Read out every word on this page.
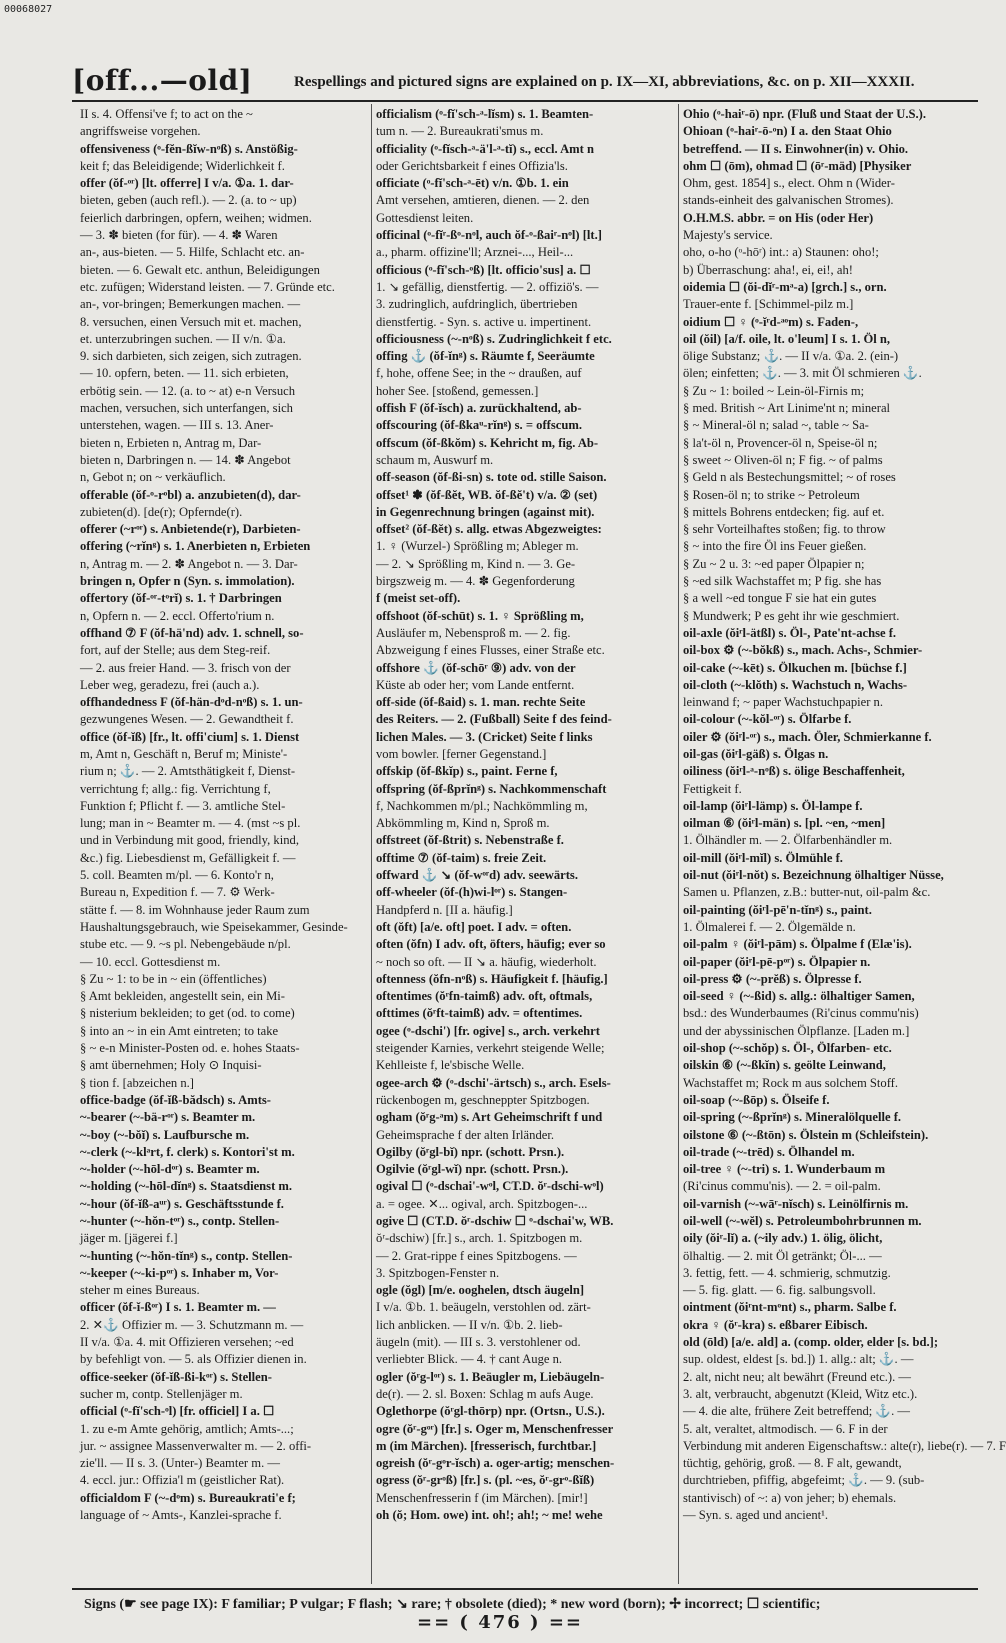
00068027
[off...—old]	Respellings and pictured signs are explained on p. IX—XI, abbreviations, &c. on p. XII—XXXII.
II s. 4. Offensi've f; to act on the ~
angriffsweise vorgehen.
offensiveness (ᵒ-fĕn-ßĭw-nᵒß) s. Anstößig-
keit f; das Beleidigende; Widerlichkeit f.
offer (ŏf-ᵒʳ) [lt. offerre] I v/a. ①a. 1. dar-
bieten, geben (auch refl.). — 2. (a. to ~ up)
feierlich darbringen, opfern, weihen; widmen.
— 3. ✽ bieten (for für). — 4. ✽ Waren
an-, aus-bieten. — 5. Hilfe, Schlacht etc. an-
bieten. — 6. Gewalt etc. anthun, Beleidigungen
etc. zufügen; Widerstand leisten. — 7. Gründe etc.
an-, vor-bringen; Bemerkungen machen. —
8. versuchen, einen Versuch mit et. machen,
et. unterzubringen suchen. — II v/n. ①a.
9. sich darbieten, sich zeigen, sich zutragen.
— 10. opfern, beten. — 11. sich erbieten,
erbötig sein. — 12. (a. to ~ at) e-n Versuch
machen, versuchen, sich unterfangen, sich
unterstehen, wagen. — III s. 13. Aner-
bieten n, Erbieten n, Antrag m, Dar-
bieten n, Darbringen n. — 14. ✽ Angebot
n, Gebot n; on ~ verkäuflich.
offerable (ŏf-ᵒ-rᵒbl) a. anzubieten(d), dar-
zubieten(d). [de(r); Opfernde(r).
offerer (~rᵒʳ) s. Anbietende(r), Darbieten-
offering (~rĭnᵍ) s. 1. Anerbieten n, Erbieten
n, Antrag m. — 2. ✽ Angebot n. — 3. Dar-
bringen n, Opfer n (Syn. s. immolation).
offertory (ŏf-ᵒʳ-tᵒrĭ) s. 1. † Darbringen
n, Opfern n. — 2. eccl. Offerto'rium n.
offhand ⑦ F (ŏf-hä'nd) adv. 1. schnell, so-
fort, auf der Stelle; aus dem Steg-reif.
— 2. aus freier Hand. — 3. frisch von der
Leber weg, geradezu, frei (auch a.).
offhandedness F (ŏf-hän-dᵒd-nᵒß) s. 1. un-
gezwungenes Wesen. — 2. Gewandtheit f.
office (ŏf-ĭß) [fr., lt. offi'cium] s. 1. Dienst
m, Amt n, Geschäft n, Beruf m; Ministe'-
rium n; ⚓. — 2. Amtsthätigkeit f, Dienst-
verrichtung f; allg.: fig. Verrichtung f,
Funktion f; Pflicht f. — 3. amtliche Stel-
lung; man in ~ Beamter m. — 4. (mst ~s pl.
und in Verbindung mit good, friendly, kind,
&c.) fig. Liebesdienst m, Gefälligkeit f. —
5. coll. Beamten m/pl. — 6. Konto'r n,
Bureau n, Expedition f. — 7. ⚙ Werk-
stätte f. — 8. im Wohnhause jeder Raum zum
Haushaltungsgebrauch, wie Speisekammer, Gesinde-
stube etc. — 9. ~s pl. Nebengebäude n/pl.
— 10. eccl. Gottesdienst m.
§ Zu ~ 1: to be in ~ ein (öffentliches)
§ Amt bekleiden, angestellt sein, ein Mi-
§ nisterium bekleiden; to get (od. to come)
§ into an ~ in ein Amt eintreten; to take
§ ~ e-n Minister-Posten od. e. hohes Staats-
§ amt übernehmen; Holy ⊙ Inquisi-
§ tion f. [abzeichen n.]
office-badge (ŏf-ĭß-bădsch) s. Amts-
~-bearer (~-bä-rᵒʳ) s. Beamter m.
~-boy (~-bŏĭ) s. Laufbursche m.
~-clerk (~-klᵃrt, f. clerk) s. Kontori'st m.
~-holder (~-hōl-dᵒʳ) s. Beamter m.
~-holding (~-hōl-dĭnᵍ) s. Staatsdienst m.
~-hour (ŏf-ĭß-aᵘʳ) s. Geschäftsstunde f.
~-hunter (~-hŏn-tᵒʳ) s., contp. Stellen-
jäger m. [jägerei f.]
~-hunting (~-hŏn-tĭnᵍ) s., contp. Stellen-
~-keeper (~-ki-pᵒʳ) s. Inhaber m, Vor-
steher m eines Bureaus.
officer (ŏf-ĭ-ßᵒʳ) I s. 1. Beamter m. —
2. ✕⚓ Offizier m. — 3. Schutzmann m. —
II v/a. ①a. 4. mit Offizieren versehen; ~ed
by befehligt von. — 5. als Offizier dienen in.
office-seeker (ŏf-ĭß-ßi-kᵒʳ) s. Stellen-
sucher m, contp. Stellenjäger m.
official (ᵒ-fĭ'sch-ᵒl) [fr. officiel] I a. ☐
1. zu e-m Amte gehörig, amtlich; Amts-...;
jur. ~ assignee Massenverwalter m. — 2. offi-
zie'll. — II s. 3. (Unter-) Beamter m. —
4. eccl. jur.: Offizia'l m (geistlicher Rat).
officialdom F (~-dᵒm) s. Bureaukrati'e f;
language of ~ Amts-, Kanzlei-sprache f.
officialism (ᵒ-fĭ'sch-ᵃ-lĭsm) s. 1. Beamten-
tum n. — 2. Bureaukrati'smus m.
officiality (ᵒ-fĭsch-ᵃ-ä'l-ᵃ-tĭ) s., eccl. Amt n
oder Gerichtsbarkeit f eines Offizia'ls.
officiate (ᵒ-fĭ'sch-ᵃ-ēt) v/n. ①b. 1. ein
Amt versehen, amtieren, dienen. — 2. den
Gottesdienst leiten.
officinal (ᵒ-fĭʳ-ßᵒ-nᵒl, auch ŏf-ᵒ-ßaiʳ-nᵒl) [lt.]
a., pharm. offizine'll; Arznei-..., Heil-...
officious (ᵒ-fĭ'sch-ᵒß) [lt. officio'sus] a. ☐
1. ↘ gefällig, dienstfertig. — 2. offiziö's. —
3. zudringlich, aufdringlich, übertrieben
dienstfertig. - Syn. s. active u. impertinent.
officiousness (~-nᵒß) s. Zudringlichkeit f etc.
offing ⚓ (ŏf-ĭnᵍ) s. Räumte f, Seeräumte
f, hohe, offene See; in the ~ draußen, auf
hoher See. [stoßend, gemessen.]
offish F (ŏf-ĭsch) a. zurückhaltend, ab-
offscouring (ŏf-ßkaᵘ-rĭnᵍ) s. = offscum.
offscum (ŏf-ßkŏm) s. Kehricht m, fig. Ab-
schaum m, Auswurf m.
off-season (ŏf-ßi-sn) s. tote od. stille Saison.
offset¹ ✽ (ŏf-ßĕt, WB. ŏf-ßĕ't) v/a. ② (set)
in Gegenrechnung bringen (against mit).
offset² (ŏf-ßĕt) s. allg. etwas Abgezweigtes:
1. ♀ (Wurzel-) Sprößling m; Ableger m.
— 2. ↘ Sprößling m, Kind n. — 3. Ge-
birgszweig m. — 4. ✽ Gegenforderung
f (meist set-off).
offshoot (ŏf-schūt) s. 1. ♀ Sprößling m,
Ausläufer m, Nebensproß m. — 2. fig.
Abzweigung f eines Flusses, einer Straße etc.
offshore ⚓ (ŏf-schōʳ ⑨) adv. von der
Küste ab oder her; vom Lande entfernt.
off-side (ŏf-ßaid) s. 1. man. rechte Seite
des Reiters. — 2. (Fußball) Seite f des feind-
lichen Males. — 3. (Cricket) Seite f links
vom bowler. [ferner Gegenstand.]
offskip (ŏf-ßkĭp) s., paint. Ferne f,
offspring (ŏf-ßprĭnᵍ) s. Nachkommenschaft
f, Nachkommen m/pl.; Nachkömmling m,
Abkömmling m, Kind n, Sproß m.
offstreet (ŏf-ßtrit) s. Nebenstraße f.
offtime ⑦ (ŏf-taim) s. freie Zeit.
offward ⚓ ↘ (ŏf-wᵒʳd) adv. seewärts.
off-wheeler (ŏf-(h)wi-lᵒʳ) s. Stangen-
Handpferd n. [II a. häufig.]
oft (ŏft) [a/e. oft] poet. I adv. = often.
often (ŏfn) I adv. oft, öfters, häufig; ever so
~ noch so oft. — II ↘ a. häufig, wiederholt.
oftenness (ŏfn-nᵒß) s. Häufigkeit f. [häufig.]
oftentimes (ŏʳfn-taimß) adv. oft, oftmals,
ofttimes (ŏʳft-taimß) adv. = oftentimes.
ogee (ᵒ-dschi') [fr. ogive] s., arch. verkehrt
steigender Karnies, verkehrt steigende Welle;
Kehlleiste f, le'sbische Welle.
ogee-arch ⚙ (ᵒ-dschi'-ärtsch) s., arch. Esels-
rückenbogen m, geschneppter Spitzbogen.
ogham (ŏʳg-ᵃm) s. Art Geheimschrift f und
Geheimsprache f der alten Irländer.
Ogilby (ŏʳgl-bĭ) npr. (schott. Prsn.).
Ogilvie (ŏʳgl-wĭ) npr. (schott. Prsn.).
ogival ☐ (ᵒ-dschai'-wᵒl, CT.D. ŏʳ-dschi-wᵒl)
a. = ogee. ✕... ogival, arch. Spitzbogen-...
ogive ☐ (CT.D. ŏʳ-dschiw ☐ ᵒ-dschai'w, WB.
ŏʳ-dschiw) [fr.] s., arch. 1. Spitzbogen m.
— 2. Grat-rippe f eines Spitzbogens. —
3. Spitzbogen-Fenster n.
ogle (ŏgl) [m/e. ooghelen, dtsch äugeln]
I v/a. ①b. 1. beäugeln, verstohlen od. zärt-
lich anblicken. — II v/n. ①b. 2. lieb-
äugeln (mit). — III s. 3. verstohlener od.
verliebter Blick. — 4. † cant Auge n.
ogler (ŏʳg-lᵒʳ) s. 1. Beäugler m, Liebäugeln-
de(r). — 2. sl. Boxen: Schlag m aufs Auge.
Oglethorpe (ŏʳgl-thōrp) npr. (Ortsn., U.S.).
ogre (ŏʳ-gᵒʳ) [fr.] s. Oger m, Menschenfresser
m (im Märchen). [fresserisch, furchtbar.]
ogreish (ŏʳ-gᵒr-ĭsch) a. oger-artig; menschen-
ogress (ŏʳ-grᵒß) [fr.] s. (pl. ~es, ŏʳ-grᵒ-ßĭß)
Menschenfresserin f (im Märchen). [mir!]
oh (ŏ; Hom. owe) int. oh!; ah!; ~ me! wehe
Ohio (ᵒ-haiʳ-ō) npr. (Fluß und Staat der U.S.).
Ohioan (ᵒ-haiʳ-ō-ᵒn) I a. den Staat Ohio
betreffend. — II s. Einwohner(in) v. Ohio.
ohm ☐ (ōm), ohmad ☐ (ōʳ-mäd) [Physiker
Ohm, gest. 1854] s., elect. Ohm n (Wider-
stands-einheit des galvanischen Stromes).
O.H.M.S. abbr. = on His (oder Her)
Majesty's service.
oho, o-ho (ᵒ-hōʳ) int.: a) Staunen: oho!;
b) Überraschung: aha!, ei, ei!, ah!
oidemia ☐ (ŏi-dĭʳ-mᵃ-a) [grch.] s., orn.
Trauer-ente f. [Schimmel-pilz m.]
oidium ☐ ♀ (ᵒ-ĭʳd-ᵃᵒm) s. Faden-,
oil (ŏil) [a/f. oile, lt. o'leum] I s. 1. Öl n,
ölige Substanz; ⚓. — II v/a. ①a. 2. (ein-)
ölen; einfetten; ⚓. — 3. mit Öl schmieren ⚓.
§ Zu ~ 1: boiled ~ Lein-öl-Firnis m;
§ med. British ~ Art Linime'nt n; mineral
§ ~ Mineral-öl n; salad ~, table ~ Sa-
§ la't-öl n, Provencer-öl n, Speise-öl n;
§ sweet ~ Oliven-öl n; F fig. ~ of palms
§ Geld n als Bestechungsmittel; ~ of roses
§ Rosen-öl n; to strike ~ Petroleum
§ mittels Bohrens entdecken; fig. auf et.
§ sehr Vorteilhaftes stoßen; fig. to throw
§ ~ into the fire Öl ins Feuer gießen.
§ Zu ~ 2 u. 3: ~ed paper Ölpapier n;
§ ~ed silk Wachstaffet m; P fig. she has
§ a well ~ed tongue F sie hat ein gutes
§ Mundwerk; P es geht ihr wie geschmiert.
oil-axle (ŏiʳl-ätßl) s. Öl-, Pate'nt-achse f.
oil-box ⚙ (~-bŏkß) s., mach. Achs-, Schmier-
oil-cake (~-kēt) s. Ölkuchen m. [büchse f.]
oil-cloth (~-klŏth) s. Wachstuch n, Wachs-
leinwand f; ~ paper Wachstuchpapier n.
oil-colour (~-kŏl-ᵒʳ) s. Ölfarbe f.
oiler ⚙ (ŏiʳl-ᵒʳ) s., mach. Öler, Schmierkanne f.
oil-gas (ŏiʳl-gäß) s. Ölgas n.
oiliness (ŏiʳl-ᵃ-nᵒß) s. ölige Beschaffenheit,
Fettigkeit f.
oil-lamp (ŏiʳl-lämp) s. Öl-lampe f.
oilman ⑥ (ŏiʳl-män) s. [pl. ~en, ~men]
1. Ölhändler m. — 2. Ölfarbenhändler m.
oil-mill (ŏiʳl-mĭl) s. Ölmühle f.
oil-nut (ŏiʳl-nŏt) s. Bezeichnung ölhaltiger Nüsse,
Samen u. Pflanzen, z.B.: butter-nut, oil-palm &c.
oil-painting (ŏiʳl-pē'n-tĭnᵍ) s., paint.
1. Ölmalerei f. — 2. Ölgemälde n.
oil-palm ♀ (ŏiʳl-pām) s. Ölpalme f (Elæ'is).
oil-paper (ŏiʳl-pē-pᵒʳ) s. Ölpapier n.
oil-press ⚙ (~-prĕß) s. Ölpresse f.
oil-seed ♀ (~-ßid) s. allg.: ölhaltiger Samen,
bsd.: des Wunderbaumes (Ri'cinus commu'nis)
und der abyssinischen Ölpflanze. [Laden m.]
oil-shop (~-schŏp) s. Öl-, Ölfarben- etc.
oilskin ⑥ (~-ßkĭn) s. geölte Leinwand,
Wachstaffet m; Rock m aus solchem Stoff.
oil-soap (~-ßōp) s. Ölseife f.
oil-spring (~-ßprĭnᵍ) s. Mineralölquelle f.
oilstone ⑥ (~-ßtōn) s. Ölstein m (Schleifstein).
oil-trade (~-trēd) s. Ölhandel m.
oil-tree ♀ (~-tri) s. 1. Wunderbaum m
(Ri'cinus commu'nis). — 2. = oil-palm.
oil-varnish (~-wāʳ-nĭsch) s. Leinölfirnis m.
oil-well (~-wĕl) s. Petroleumbohrbrunnen m.
oily (ŏiʳ-lĭ) a. (~ily adv.) 1. ölig, ölicht,
ölhaltig. — 2. mit Öl getränkt; Öl-... —
3. fettig, fett. — 4. schmierig, schmutzig.
— 5. fig. glatt. — 6. fig. salbungsvoll.
ointment (ŏiʳnt-mᵒnt) s., pharm. Salbe f.
okra ♀ (ŏʳ-kra) s. eßbarer Eibisch.
old (ōld) [a/e. ald] a. (comp. older, elder [s. bd.];
sup. oldest, eldest [s. bd.]) 1. allg.: alt; ⚓. —
2. alt, nicht neu; alt bewährt (Freund etc.). —
3. alt, verbraucht, abgenutzt (Kleid, Witz etc.).
— 4. die alte, frühere Zeit betreffend; ⚓. —
5. alt, veraltet, altmodisch. — 6. F in der
Verbindung mit anderen Eigenschaftsw.: alte(r), liebe(r). — 7. F
tüchtig, gehörig, groß. — 8. F alt, gewandt,
durchtrieben, pfiffig, abgefeimt; ⚓. — 9. (sub-
stantivisch) of ~: a) von jeher; b) ehemals.
— Syn. s. aged und ancient¹.
Signs (☛ see page IX): F familiar; P vulgar; F flash; ↘ rare; † obsolete (died); * new word (born); ✢ incorrect; ☐ scientific;
== ( 476 ) ==
